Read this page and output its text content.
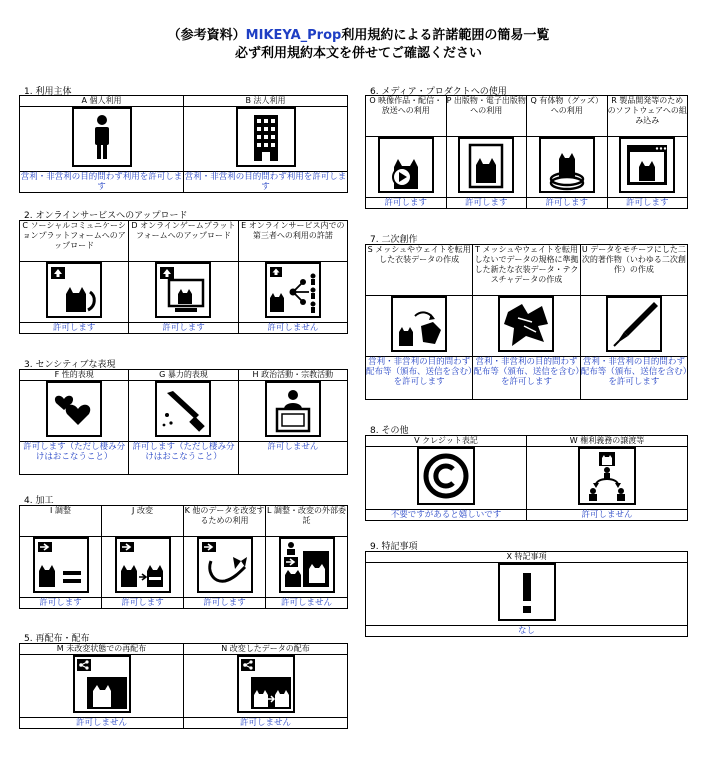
（参考資料）MIKEYA_Prop利用規約による許諾範囲の簡易一覧
必ず利用規約本文を併せてご確認ください
1. 利用主体
A 個人利用	B 法人利用

営利・非営利の目的問わず利用を許可します	営利・非営利の目的問わず利用を許可します
2. オンラインサービスへのアップロード
C ソーシャルコミュニケーションプラットフォームへのアップロード	D オンラインゲームプラットフォームへのアップロード	E オンラインサービス内での第三者への利用の許諾

許可します	許可します	許可しません
3. センシティブな表現
F 性的表現	G 暴力的表現	H 政治活動・宗教活動

許可します（ただし棲み分けはおこなうこと）	許可します（ただし棲み分けはおこなうこと）	許可しません
4. 加工
I 調整	J 改変	K 他のデータを改変するための利用	L 調整・改変の外部委託

許可します	許可します	許可します	許可しません
5. 再配布・配布
M 未改変状態での再配布	N 改変したデータの配布

許可しません	許可しません
6. メディア・プロダクトへの使用
O 映像作品・配信・放送への利用	P 出版物・電子出版物への利用	Q 有体物（グッズ）への利用	R 製品開発等のためのソフトウェアへの組み込み

許可します	許可します	許可します	許可します
7. 二次創作
S メッシュやウェイトを転用した衣装データの作成	T メッシュやウェイトを転用しないでデータの規格に準拠した新たな衣装データ・テクスチャデータの作成	U データをモチーフにした二次的著作物（いわゆる二次創作）の作成

営利・非営利の目的問わず配布等（頒布、送信を含む）を許可します	営利・非営利の目的問わず配布等（頒布、送信を含む）を許可します	営利・非営利の目的問わず配布等（頒布、送信を含む）を許可します
8. その他
V クレジット表記	W 権利義務の譲渡等

不要ですがあると嬉しいです	許可しません
9. 特記事項
X 特記事項

なし
